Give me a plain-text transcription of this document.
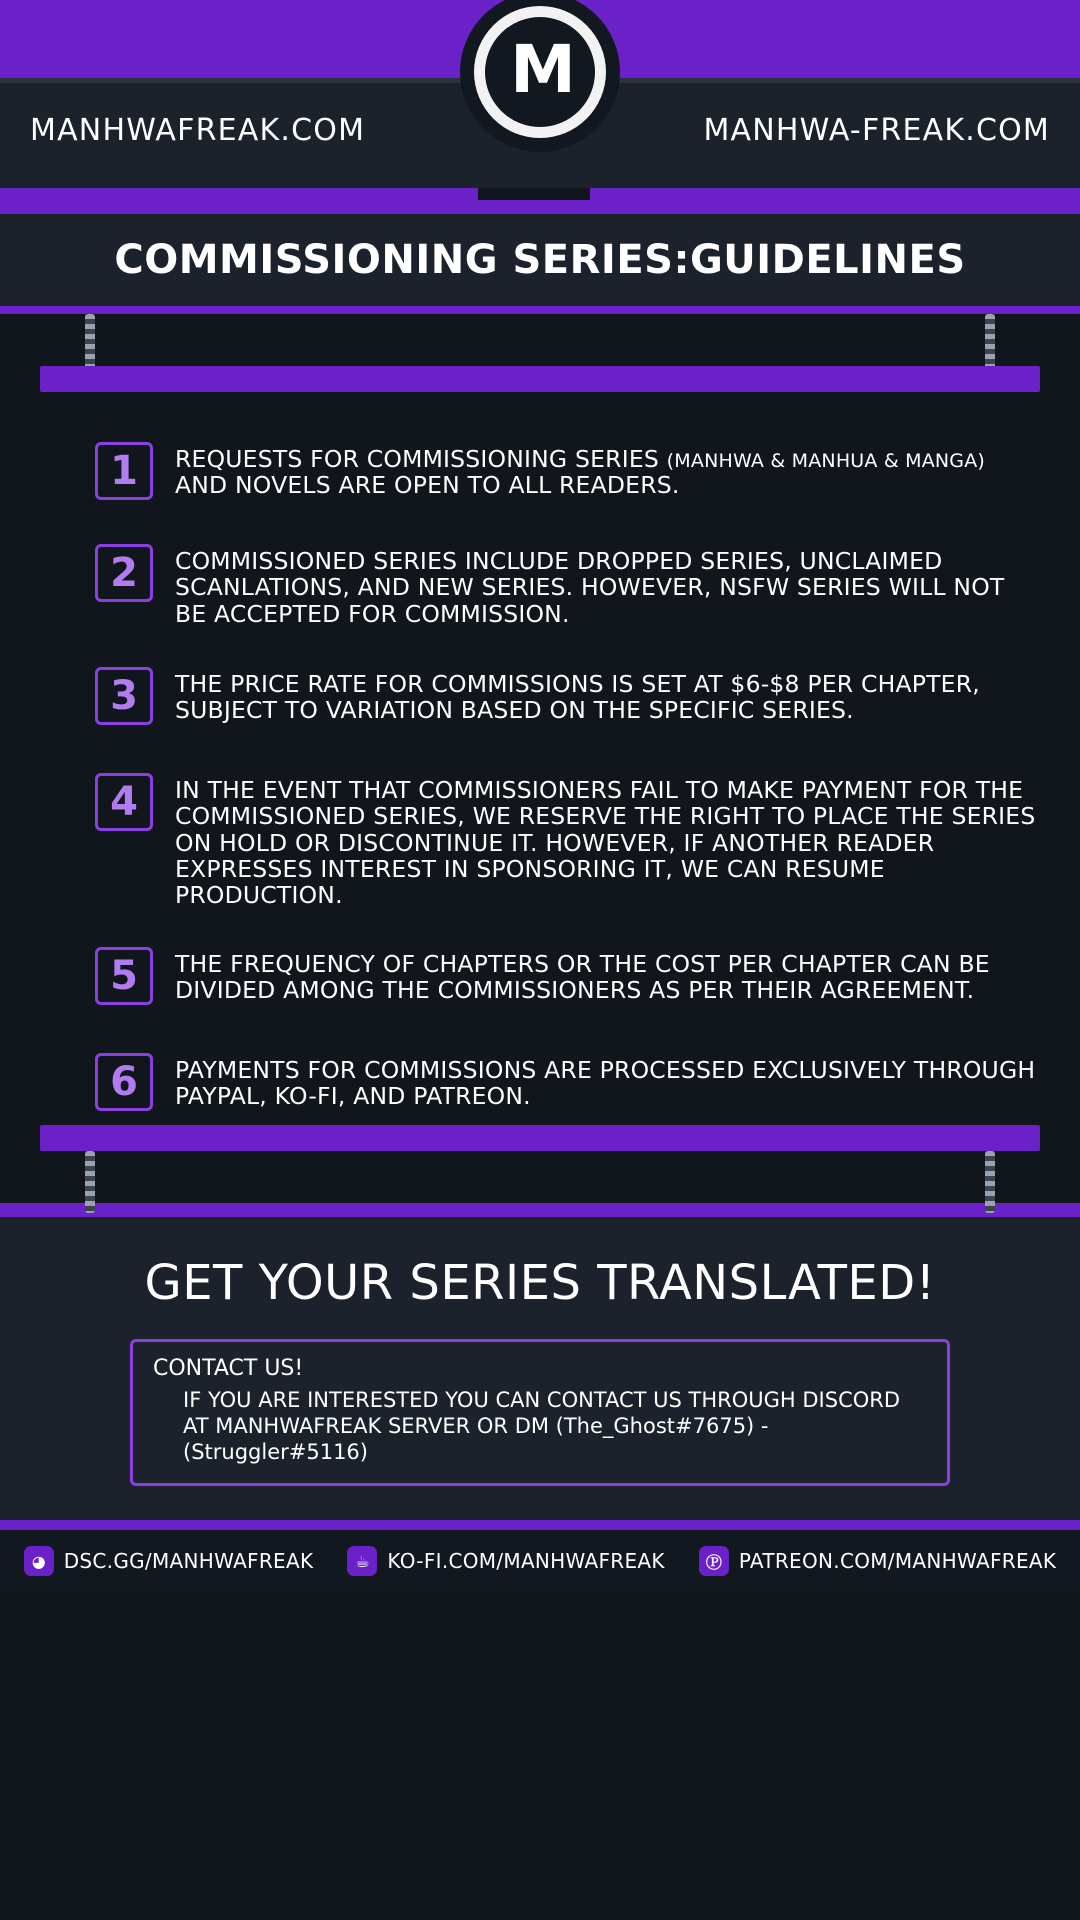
MANHWAFREAK.COM	MANHWA-FREAK.COM
M
COMMISSIONING SERIES:GUIDELINES
1	REQUESTS FOR COMMISSIONING SERIES (MANHWA & MANHUA & MANGA) AND NOVELS ARE OPEN TO ALL READERS.
2	COMMISSIONED SERIES INCLUDE DROPPED SERIES, UNCLAIMED SCANLATIONS, AND NEW SERIES. HOWEVER, NSFW SERIES WILL NOT BE ACCEPTED FOR COMMISSION.
3	THE PRICE RATE FOR COMMISSIONS IS SET AT $6-$8 PER CHAPTER, SUBJECT TO VARIATION BASED ON THE SPECIFIC SERIES.
4	IN THE EVENT THAT COMMISSIONERS FAIL TO MAKE PAYMENT FOR THE COMMISSIONED SERIES, WE RESERVE THE RIGHT TO PLACE THE SERIES ON HOLD OR DISCONTINUE IT. HOWEVER, IF ANOTHER READER EXPRESSES INTEREST IN SPONSORING IT, WE CAN RESUME PRODUCTION.
5	THE FREQUENCY OF CHAPTERS OR THE COST PER CHAPTER CAN BE DIVIDED AMONG THE COMMISSIONERS AS PER THEIR AGREEMENT.
6	PAYMENTS FOR COMMISSIONS ARE PROCESSED EXCLUSIVELY THROUGH PAYPAL, KO-FI, AND PATREON.
GET YOUR SERIES TRANSLATED!
CONTACT US!
IF YOU ARE INTERESTED YOU CAN CONTACT US THROUGH DISCORD
AT MANHWAFREAK SERVER OR DM (The_Ghost#7675) - (Struggler#5116)
◕ DSC.GG/MANHWAFREAK	☕ KO-FI.COM/MANHWAFREAK	Ⓟ PATREON.COM/MANHWAFREAK
